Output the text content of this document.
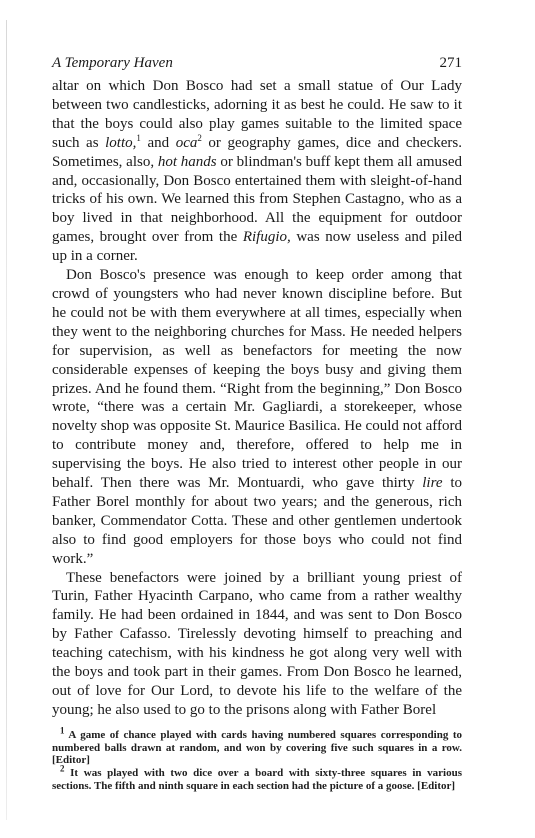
A Temporary Haven	271

altar on which Don Bosco had set a small statue of Our Lady between two candlesticks, adorning it as best he could. He saw to it that the boys could also play games suitable to the limited space such as lotto,$^1$ and oca$^2$ or geography games, dice and checkers. Sometimes, also, hot hands or blindman's buff kept them all amused and, occasionally, Don Bosco entertained them with sleight-of-hand tricks of his own. We learned this from Stephen Castagno, who as a boy lived in that neighborhood. All the equipment for outdoor games, brought over from the Rifugio, was now useless and piled up in a corner.

Don Bosco's presence was enough to keep order among that crowd of youngsters who had never known discipline before. But he could not be with them everywhere at all times, especially when they went to the neighboring churches for Mass. He needed helpers for supervision, as well as benefactors for meeting the now considerable expenses of keeping the boys busy and giving them prizes. And he found them. “Right from the beginning,” Don Bosco wrote, “there was a certain Mr. Gagliardi, a storekeeper, whose novelty shop was opposite St. Maurice Basilica. He could not afford to contribute money and, therefore, offered to help me in supervising the boys. He also tried to interest other people in our behalf. Then there was Mr. Montuardi, who gave thirty lire to Father Borel monthly for about two years; and the generous, rich banker, Commendator Cotta. These and other gentlemen undertook also to find good employers for those boys who could not find work.”

These benefactors were joined by a brilliant young priest of Turin, Father Hyacinth Carpano, who came from a rather wealthy family. He had been ordained in 1844, and was sent to Don Bosco by Father Cafasso. Tirelessly devoting himself to preaching and teaching catechism, with his kindness he got along very well with the boys and took part in their games. From Don Bosco he learned, out of love for Our Lord, to devote his life to the welfare of the young; he also used to go to the prisons along with Father Borel

$^1$ A game of chance played with cards having numbered squares corresponding to numbered balls drawn at random, and won by covering five such squares in a row. [Editor]

$^2$ It was played with two dice over a board with sixty-three squares in various sections. The fifth and ninth square in each section had the picture of a goose. [Editor]
